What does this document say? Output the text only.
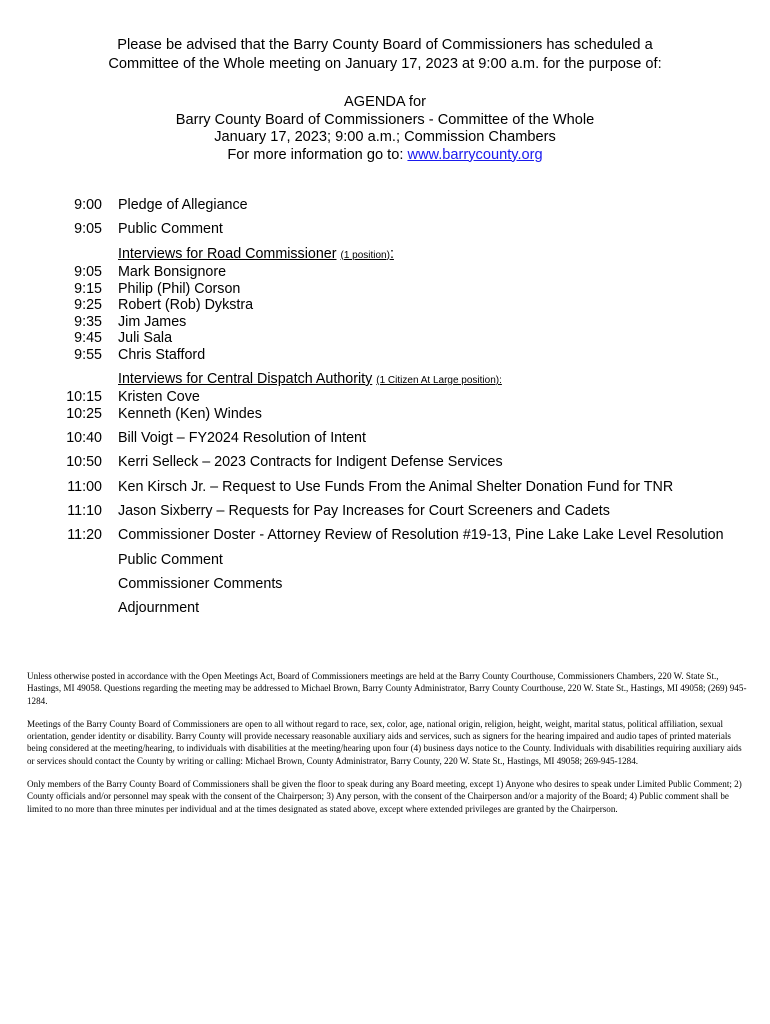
Please be advised that the Barry County Board of Commissioners has scheduled a
Committee of the Whole meeting on January 17, 2023 at 9:00 a.m. for the purpose of:
AGENDA for
Barry County Board of Commissioners - Committee of the Whole
January 17, 2023; 9:00 a.m.; Commission Chambers
For more information go to: www.barrycounty.org
9:00	Pledge of Allegiance
9:05	Public Comment
Interviews for Road Commissioner (1 position):
9:05	Mark Bonsignore
9:15	Philip (Phil) Corson
9:25	Robert (Rob) Dykstra
9:35	Jim James
9:45	Juli Sala
9:55	Chris Stafford
Interviews for Central Dispatch Authority (1 Citizen At Large position):
10:15	Kristen Cove
10:25	Kenneth (Ken) Windes
10:40	Bill Voigt – FY2024 Resolution of Intent
10:50	Kerri Selleck – 2023 Contracts for Indigent Defense Services
11:00	Ken Kirsch Jr. – Request to Use Funds From the Animal Shelter Donation Fund for TNR
11:10	Jason Sixberry – Requests for Pay Increases for Court Screeners and Cadets
11:20	Commissioner Doster - Attorney Review of Resolution #19-13, Pine Lake Lake Level Resolution
Public Comment
Commissioner Comments
Adjournment

Unless otherwise posted in accordance with the Open Meetings Act, Board of Commissioners meetings are held at the Barry County Courthouse, Commissioners Chambers, 220 W. State St., Hastings, MI 49058. Questions regarding the meeting may be addressed to Michael Brown, Barry County Administrator, Barry County Courthouse, 220 W. State St., Hastings, MI 49058; (269) 945-1284.

Meetings of the Barry County Board of Commissioners are open to all without regard to race, sex, color, age, national origin, religion, height, weight, marital status, political affiliation, sexual orientation, gender identity or disability. Barry County will provide necessary reasonable auxiliary aids and services, such as signers for the hearing impaired and audio tapes of printed materials being considered at the meeting/hearing, to individuals with disabilities at the meeting/hearing upon four (4) business days notice to the County. Individuals with disabilities requiring auxiliary aids or services should contact the County by writing or calling: Michael Brown, County Administrator, Barry County, 220 W. State St., Hastings, MI 49058; 269-945-1284.

Only members of the Barry County Board of Commissioners shall be given the floor to speak during any Board meeting, except 1) Anyone who desires to speak under Limited Public Comment; 2) County officials and/or personnel may speak with the consent of the Chairperson; 3) Any person, with the consent of the Chairperson and/or a majority of the Board; 4) Public comment shall be limited to no more than three minutes per individual and at the times designated as stated above, except where extended privileges are granted by the Chairperson.
